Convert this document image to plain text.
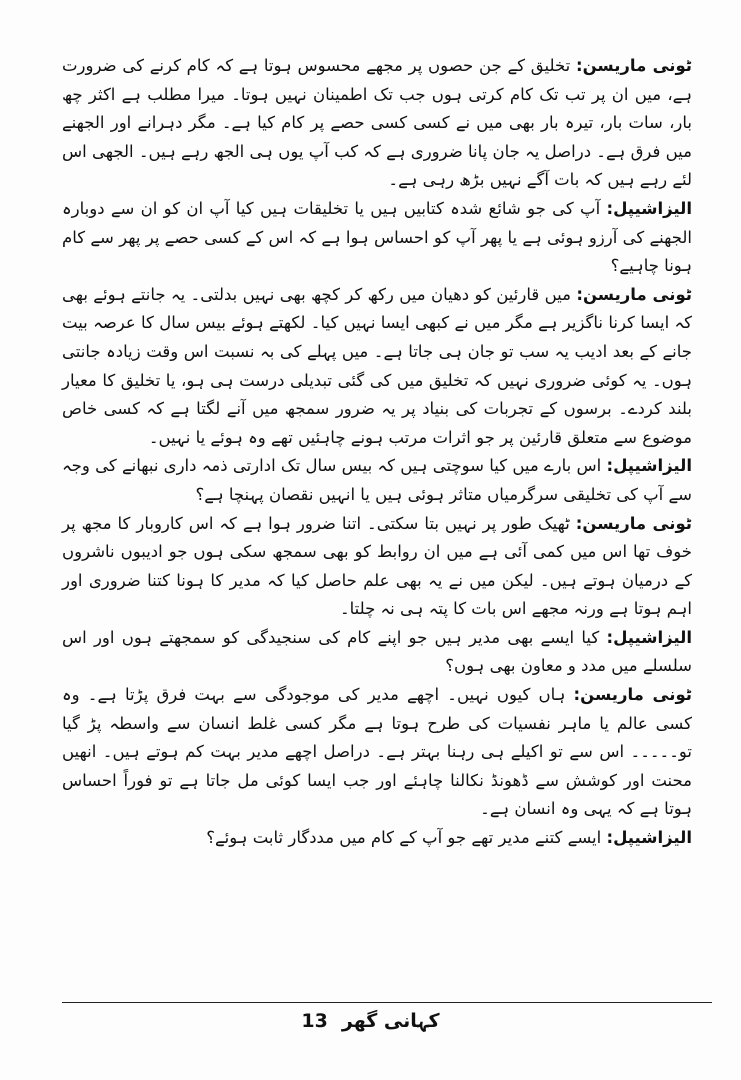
ٹونی ماریسن: تخلیق کے جن حصوں پر مجھے محسوس ہوتا ہے کہ کام کرنے کی ضرورت ہے، میں ان پر تب تک کام کرتی ہوں جب تک اطمینان نہیں ہوتا۔ میرا مطلب ہے اکثر چھ بار، سات بار، تیرہ بار بھی میں نے کسی کسی حصے پر کام کیا ہے۔ مگر دہرانے اور الجھنے میں فرق ہے۔ دراصل یہ جان پانا ضروری ہے کہ کب آپ یوں ہی الجھ رہے ہیں۔ الجھی اس لئے رہے ہیں کہ بات آگے نہیں بڑھ رہی ہے۔

الیزاشیپل: آپ کی جو شائع شدہ کتابیں ہیں یا تخلیقات ہیں کیا آپ ان کو ان سے دوبارہ الجھنے کی آرزو ہوئی ہے یا پھر آپ کو احساس ہوا ہے کہ اس کے کسی حصے پر پھر سے کام ہونا چاہیے؟

ٹونی ماریسن: میں قارئین کو دھیان میں رکھ کر کچھ بھی نہیں بدلتی۔ یہ جانتے ہوئے بھی کہ ایسا کرنا ناگزیر ہے مگر میں نے کبھی ایسا نہیں کیا۔ لکھتے ہوئے بیس سال کا عرصہ بیت جانے کے بعد ادیب یہ سب تو جان ہی جاتا ہے۔ میں پہلے کی بہ نسبت اس وقت زیادہ جانتی ہوں۔ یہ کوئی ضروری نہیں کہ تخلیق میں کی گئی تبدیلی درست ہی ہو، یا تخلیق کا معیار بلند کردے۔ برسوں کے تجربات کی بنیاد پر یہ ضرور سمجھ میں آنے لگتا ہے کہ کسی خاص موضوع سے متعلق قارئین پر جو اثرات مرتب ہونے چاہئیں تھے وہ ہوئے یا نہیں۔

الیزاشیپل: اس بارے میں کیا سوچتی ہیں کہ بیس سال تک ادارتی ذمہ داری نبھانے کی وجہ سے آپ کی تخلیقی سرگرمیاں متاثر ہوئی ہیں یا انہیں نقصان پہنچا ہے؟

ٹونی ماریسن: ٹھیک طور پر نہیں بتا سکتی۔ اتنا ضرور ہوا ہے کہ اس کاروبار کا مجھ پر خوف تھا اس میں کمی آئی ہے میں ان روابط کو بھی سمجھ سکی ہوں جو ادیبوں ناشروں کے درمیان ہوتے ہیں۔ لیکن میں نے یہ بھی علم حاصل کیا کہ مدیر کا ہونا کتنا ضروری اور اہم ہوتا ہے ورنہ مجھے اس بات کا پتہ ہی نہ چلتا۔

الیزاشیپل: کیا ایسے بھی مدیر ہیں جو اپنے کام کی سنجیدگی کو سمجھتے ہوں اور اس سلسلے میں مدد و معاون بھی ہوں؟

ٹونی ماریسن: ہاں کیوں نہیں۔ اچھے مدیر کی موجودگی سے بہت فرق پڑتا ہے۔ وہ کسی عالم یا ماہر نفسیات کی طرح ہوتا ہے مگر کسی غلط انسان سے واسطہ پڑ گیا تو۔۔۔۔۔ اس سے تو اکیلے ہی رہنا بہتر ہے۔ دراصل اچھے مدیر بہت کم ہوتے ہیں۔ انھیں محنت اور کوشش سے ڈھونڈ نکالنا چاہئے اور جب ایسا کوئی مل جاتا ہے تو فوراً احساس ہوتا ہے کہ یہی وہ انسان ہے۔

الیزاشیپل: ایسے کتنے مدیر تھے جو آپ کے کام میں مددگار ثابت ہوئے؟

13 کہانی گھر
